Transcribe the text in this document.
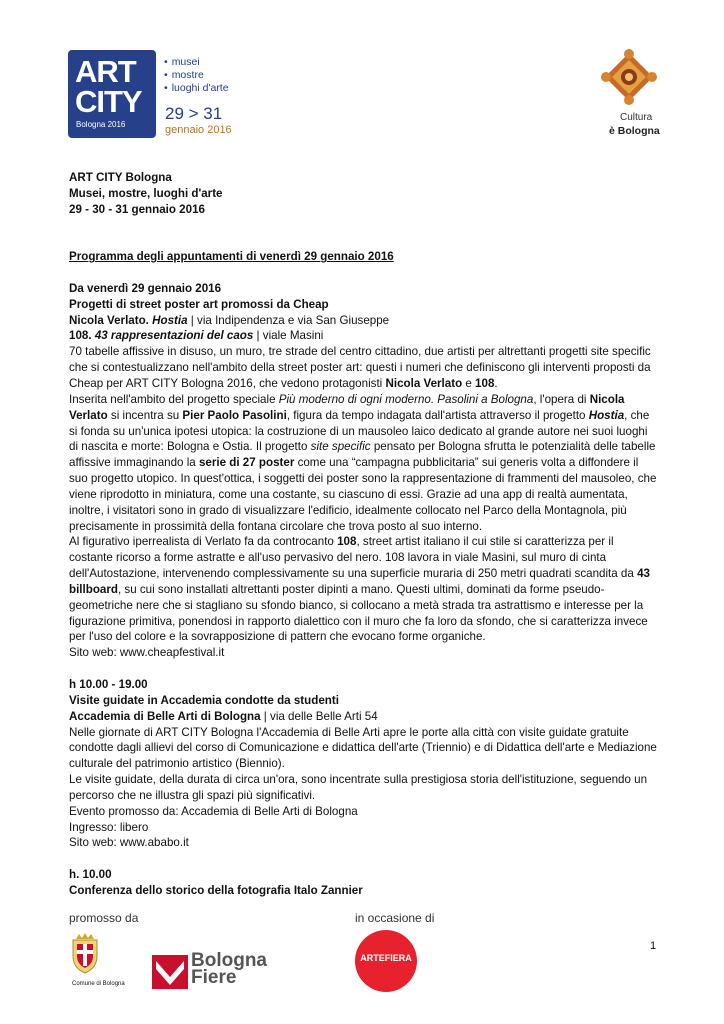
ART
CITY
Bologna 2016
• musei
• mostre
• luoghi d'arte
29 > 31
gennaio 2016
Cultura
è Bologna

ART CITY Bologna

Musei, mostre, luoghi d'arte

29 - 30 - 31 gennaio 2016

Programma degli appuntamenti di venerdì 29 gennaio 2016

Da venerdì 29 gennaio 2016

Progetti di street poster art promossi da Cheap

Nicola Verlato. Hostia | via Indipendenza e via San Giuseppe

108. 43 rappresentazioni del caos | viale Masini

70 tabelle affissive in disuso, un muro, tre strade del centro cittadino, due artisti per altrettanti progetti site specific che si contestualizzano nell'ambito della street poster art: questi i numeri che definiscono gli interventi proposti da Cheap per ART CITY Bologna 2016, che vedono protagonisti Nicola Verlato e 108.

Inserita nell'ambito del progetto speciale Più moderno di ogni moderno. Pasolini a Bologna, l'opera di Nicola Verlato si incentra su Pier Paolo Pasolini, figura da tempo indagata dall'artista attraverso il progetto Hostia, che si fonda su un'unica ipotesi utopica: la costruzione di un mausoleo laico dedicato al grande autore nei suoi luoghi di nascita e morte: Bologna e Ostia. Il progetto site specific pensato per Bologna sfrutta le potenzialità delle tabelle affissive immaginando la serie di 27 poster come una “campagna pubblicitaria” sui generis volta a diffondere il suo progetto utopico. In quest'ottica, i soggetti dei poster sono la rappresentazione di frammenti del mausoleo, che viene riprodotto in miniatura, come una costante, su ciascuno di essi. Grazie ad una app di realtà aumentata, inoltre, i visitatori sono in grado di visualizzare l'edificio, idealmente collocato nel Parco della Montagnola, più precisamente in prossimità della fontana circolare che trova posto al suo interno.

Al figurativo iperrealista di Verlato fa da controcanto 108, street artist italiano il cui stile si caratterizza per il costante ricorso a forme astratte e all'uso pervasivo del nero. 108 lavora in viale Masini, sul muro di cinta dell'Autostazione, intervenendo complessivamente su una superficie muraria di 250 metri quadrati scandita da 43 billboard, su cui sono installati altrettanti poster dipinti a mano. Questi ultimi, dominati da forme pseudo-geometriche nere che si stagliano su sfondo bianco, si collocano a metà strada tra astrattismo e interesse per la figurazione primitiva, ponendosi in rapporto dialettico con il muro che fa loro da sfondo, che si caratterizza invece per l'uso del colore e la sovrapposizione di pattern che evocano forme organiche.

Sito web: www.cheapfestival.it

h 10.00 - 19.00

Visite guidate in Accademia condotte da studenti

Accademia di Belle Arti di Bologna | via delle Belle Arti 54

Nelle giornate di ART CITY Bologna l'Accademia di Belle Arti apre le porte alla città con visite guidate gratuite condotte dagli allievi del corso di Comunicazione e didattica dell'arte (Triennio) e di Didattica dell'arte e Mediazione culturale del patrimonio artistico (Biennio).

Le visite guidate, della durata di circa un'ora, sono incentrate sulla prestigiosa storia dell'istituzione, seguendo un percorso che ne illustra gli spazi più significativi.

Evento promosso da: Accademia di Belle Arti di Bologna

Ingresso: libero

Sito web: www.ababo.it

h. 10.00

Conferenza dello storico della fotografia Italo Zannier

promosso da	in occasione di
Comune di Bologna
Bologna
Fiere
ARTEFIERA
1
